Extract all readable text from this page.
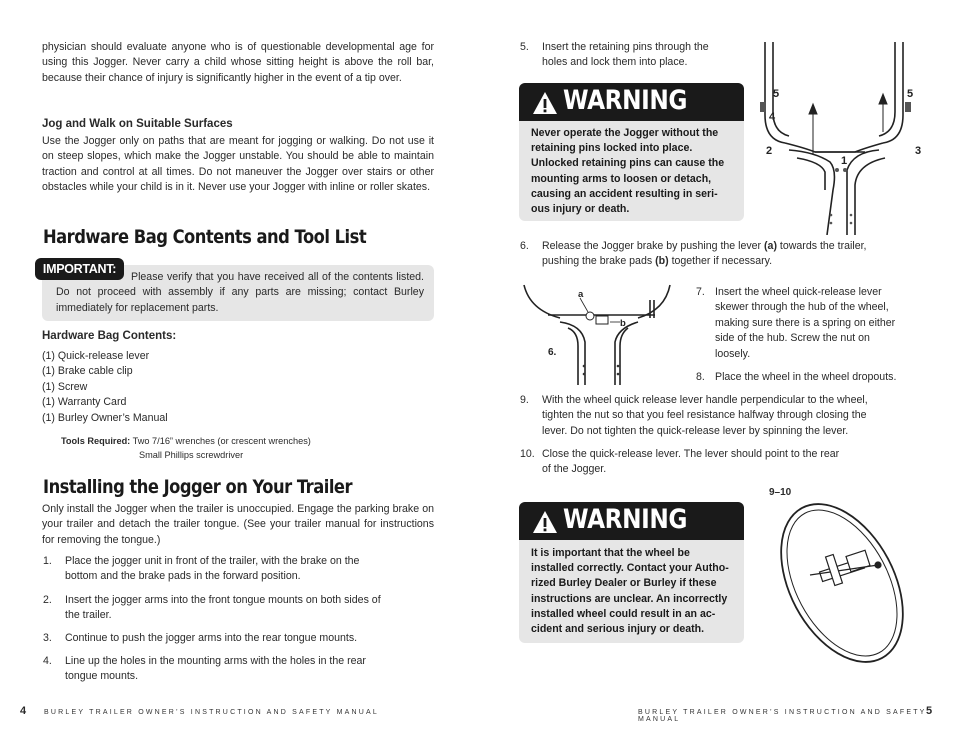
physician should evaluate anyone who is of questionable developmental age for using this Jogger. Never carry a child whose sitting height is above the roll bar, because their chance of injury is significantly higher in the event of a tip over.
Jog and Walk on Suitable Surfaces
Use the Jogger only on paths that are meant for jogging or walking. Do not use it on steep slopes, which make the Jogger unstable. You should be able to maintain traction and control at all times. Do not maneuver the Jogger over stairs or other obstacles while your child is in it. Never use your Jogger with inline or roller skates.
Hardware Bag Contents and Tool List
IMPORTANT:
Please verify that you have received all of the contents listed. Do not proceed with assembly if any parts are missing; contact Burley immediately for replacement parts.
Hardware Bag Contents:
(1) Quick-release lever
(1) Brake cable clip
(1) Screw
(1) Warranty Card
(1) Burley Owner’s Manual
Tools Required: Two 7/16” wrenches (or crescent wrenches)
Small Phillips screwdriver
Installing the Jogger on Your Trailer
Only install the Jogger when the trailer is unoccupied. Engage the parking brake on your trailer and detach the trailer tongue. (See your trailer manual for instructions for removing the tongue.)
1. Place the jogger unit in front of the trailer, with the brake on the
bottom and the brake pads in the forward position.
2. Insert the jogger arms into the front tongue mounts on both sides of
the trailer.
3. Continue to push the jogger arms into the rear tongue mounts.
4. Line up the holes in the mounting arms with the holes in the rear
tongue mounts.
4	BURLEY TRAILER OWNER’S INSTRUCTION AND SAFETY MANUAL
5. Insert the retaining pins through the
holes and lock them into place.
WARNING
Never operate the Jogger without the
retaining pins locked into place.
Unlocked retaining pins can cause the
mounting arms to loosen or detach,
causing an accident resulting in seri-
ous injury or death.
5	5
4
2	3
1
6. Release the Jogger brake by pushing the lever (a) towards the trailer,
pushing the brake pads (b) together if necessary.
a
b
6.
7. Insert the wheel quick-release lever
skewer through the hub of the wheel,
making sure there is a spring on either
side of the hub. Screw the nut on
loosely.
8. Place the wheel in the wheel dropouts.
9. With the wheel quick release lever handle perpendicular to the wheel,
tighten the nut so that you feel resistance halfway through closing the
lever. Do not tighten the quick-release lever by spinning the lever.
10. Close the quick-release lever. The lever should point to the rear
of the Jogger.
WARNING
It is important that the wheel be
installed correctly. Contact your Autho-
rized Burley Dealer or Burley if these
instructions are unclear. An incorrectly
installed wheel could result in an ac-
cident and serious injury or death.
9–10
BURLEY TRAILER OWNER’S INSTRUCTION AND SAFETY MANUAL
5
